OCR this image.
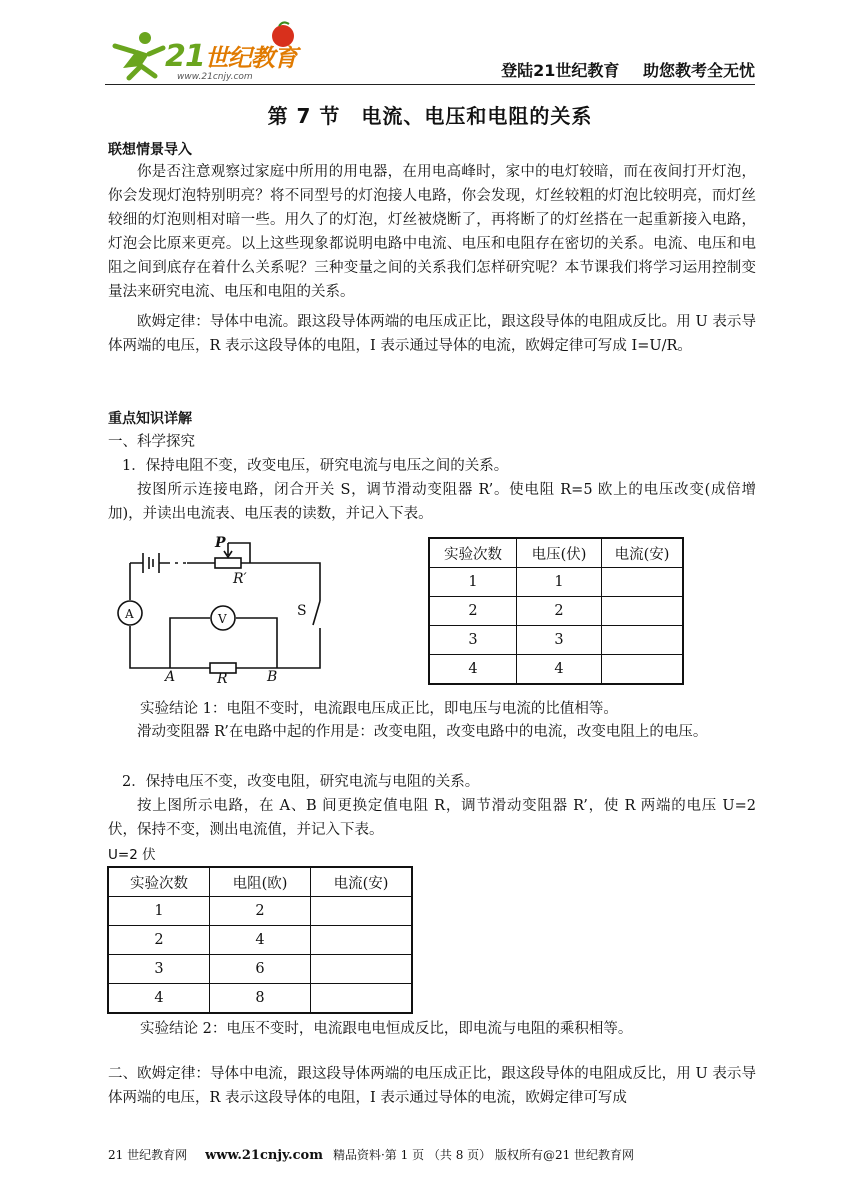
21世纪教育
www.21cnjy.com	登陆21世纪教育 助您教考全无忧
第 7 节　电流、电压和电阻的关系
联想情景导入
你是否注意观察过家庭中所用的用电器，在用电高峰时，家中的电灯较暗，而在夜间打开灯泡，你会发现灯泡特别明亮？将不同型号的灯泡接人电路，你会发现，灯丝较粗的灯泡比较明亮，而灯丝较细的灯泡则相对暗一些。用久了的灯泡，灯丝被烧断了，再将断了的灯丝搭在一起重新接入电路，灯泡会比原来更亮。以上这些现象都说明电路中电流、电压和电阻存在密切的关系。电流、电压和电阻之间到底存在着什么关系呢？三种变量之间的关系我们怎样研究呢？本节课我们将学习运用控制变量法来研究电流、电压和电阻的关系。
欧姆定律：导体中电流。跟这段导体两端的电压成正比，跟这段导体的电阻成反比。用 U 表示导体两端的电压，R 表示这段导体的电阻，I 表示通过导体的电流，欧姆定律可写成 I=U/R。
重点知识详解
一、科学探究
1．保持电阻不变，改变电压，研究电流与电压之间的关系。
按图所示连接电路，闭合开关 S，调节滑动变阻器 R’。使电阻 R=5 欧上的电压改变(成倍增加)，并读出电流表、电压表的读数，并记入下表。
P
R′
A	V	S
A	B
R
实验次数	电压(伏)	电流(安)
1	1	
2	2	
3	3	
4	4	
实验结论 1：电阻不变时，电流跟电压成正比，即电压与电流的比值相等。
滑动变阻器 R’在电路中起的作用是：改变电阻，改变电路中的电流，改变电阻上的电压。
2．保持电压不变，改变电阻，研究电流与电阻的关系。
按上图所示电路，在 A、B 间更换定值电阻 R，调节滑动变阻器 R’，使 R 两端的电压 U=2 伏，保持不变，测出电流值，并记入下表。
U=2 伏
实验次数	电阻(欧)	电流(安)
1	2	
2	4	
3	6	
4	8	
实验结论 2：电压不变时，电流跟电电恒成反比，即电流与电阻的乘积相等。
二、欧姆定律：导体中电流，跟这段导体两端的电压成正比，跟这段导体的电阻成反比，用 U 表示导体两端的电压，R 表示这段导体的电阻，I 表示通过导体的电流，欧姆定律可写成
21 世纪教育网 www.21cnjy.com 精品资料·第 1 页 （共 8 页） 版权所有@21 世纪教育网
